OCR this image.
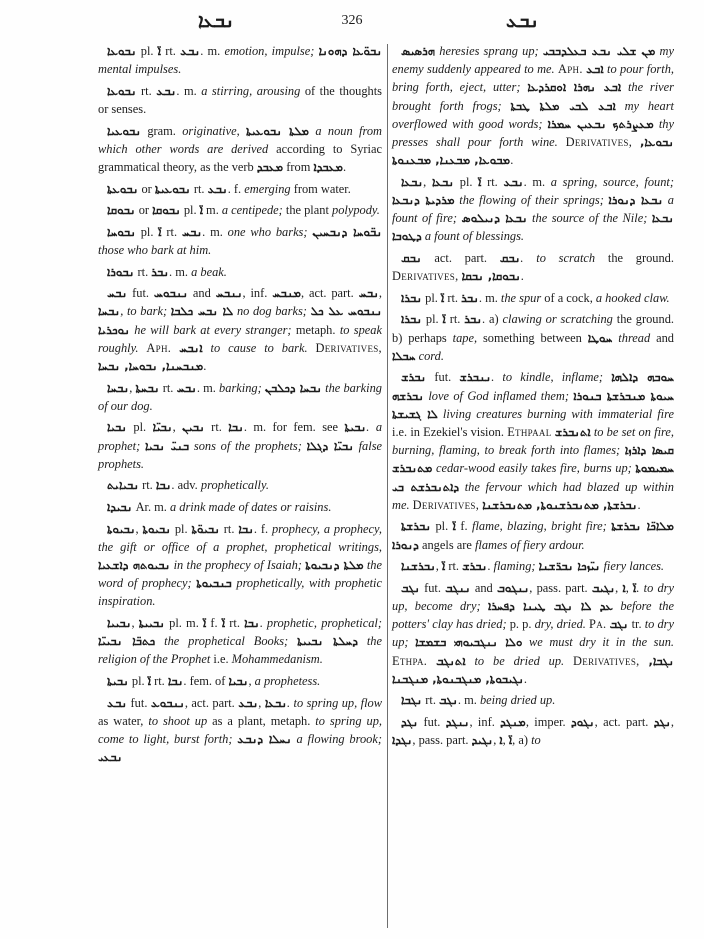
ܢܒܥܐ	326	ܢܒܥ

ܢܒܘܥܐ pl. ܐ̈ rt. ܢܒܥ. m. emotion, impulse; ܢܒܘ̈ܥܐ ܕܗܘܢܐ mental impulses.

ܢܒܘܥܐ rt. ܢܒܥ. m. a stirring, arousing of the thoughts or senses.

ܢܒܘܥܝܐ gram. originative, ܡܠܬܐ ܢܒܘܥܝܬܐ a noun from which other words are derived according to Syriac grammatical theory, as the verb ܡܥܒܕ from ܡܥܒܕܐ.

ܢܒܘܥܬܐ or ܢܒܘܥܝܬܐ rt. ܢܒܥ. f. emerging from water.

ܢܒܘܩܐ or ܢܒܘܩܐ pl. ܐ̈ m. a centipede; the plant polypody.

ܢܒܘܚܐ pl. ܐ̈ rt. ܢܒܚ. m. one who barks; ܢܒ̈ܘܚܐ ܕܢܒܚܝܢ those who bark at him.

ܢܒܘܪܐ rt. ܢܒܪ. m. a beak.

ܢܒܚ fut. ܢܢܒܘܚ and ܢܢܒܚ, inf. ܡܢܒܚ, act. part. ܢܒܚ, ܢܒܚܐ, to bark; ܠܐ ܢܒܚ ܟܠܒܐ no dog barks; ܢܢܒܘܚ ܥܠ ܟܠ ܢܘܟܪܝܐ he will bark at every stranger; metaph. to speak roughly. Aph. ܐܢܒܚ to cause to bark. Derivatives, ܡܢܒܚܢܐ, ܢܒܘܚܐ, ܢܒܚܐ.

ܢܒܚܐ, ܢܒܚܬܐ rt. ܢܒܚ. m. barking; ܢܒܚܐ ܕܟܠܒܢ the barking of our dog.

ܢܒܝܐ pl. ܢܒܝ̈ܐ, ܢܒܝܢ rt. ܢܒܐ. m. for fem. see ܢܒܝܬܐ. a prophet; ܒܢܝ̈ ܢܒܝܐ sons of the prophets; ܢܒܝ̈ܐ ܕܓܠܐ false prophets.

ܢܒܝܐܝܬ rt. ܢܒܐ. adv. prophetically.

ܢܒܝܕܐ Ar. m. a drink made of dates or raisins.

ܢܒܝܘܬܐ, ܢܒܝܘܬܐ pl. ܢܒܝܘ̈ܬܐ rt. ܢܒܐ. f. prophecy, a prophecy, the gift or office of a prophet, prophetical writings, ܢܒܝܘܬܗ ܕܐܫܥܝܐ in the prophecy of Isaiah; ܡܠܬܐ ܕܢܒܝܘܬܐ the word of prophecy; ܒܢܒܝܘܬܐ prophetically, with prophetic inspiration.

ܢܒܝܝܐ, ܢܒܝܝܬܐ pl. m. ܐ̈ f. ܐ̈ rt. ܢܒܐ. prophetic, prophetical; ܟܬܒ̈ܐ ܢܒܝܝ̈ܐ the prophetical Books; ܕܚܠܬܐ ܢܒܝܝܬܐ the religion of the Prophet i.e. Mohammedanism.

ܢܒܝܬܐ pl. ܐ̈ rt. ܢܒܐ. fem. of ܢܒܝܐ, a prophetess.

ܢܒܥ fut. ܢܢܒܘܥ, act. part. ܢܒܥ, ܢܒܥܐ. to spring up, flow as water, to shoot up as a plant, metaph. to spring up, come to light, burst forth; ܢܚܠܐ ܕܢܒܥ a flowing brook; ܢܒܥܝ

ܗܪܣܝܣ heresies sprang up; ܡܢ ܫܠܝ ܢܒܥ ܒܥܠܕܒܒܝ my enemy suddenly appeared to me. Aph. ܐܒܥ to pour forth, bring forth, eject, utter; ܐܒܥ ܢܗܪܐ ܐܘܩܪܕܥܐ the river brought forth frogs; ܐܒܥ ܠܒܝ ܡܠܬܐ ܛܒܬܐ my heart overflowed with good words; ܡܥܨܪܬܟ ܢܒܥܝܢ ܚܡܪܐ thy presses shall pour forth wine. Derivatives, ܢܒܘܥܐ, ܡܒܘܥܐ, ܡܒܥܢܐ, ܡܒܥܢܘܬܐ.

ܢܒܥܐ, ܢܒܥܐ pl. ܐ̈ rt. ܢܒܥ. m. a spring, source, fount; ܡܪܕܝܬܐ ܕܢܒܥܐ the flowing of their springs; ܢܒܥܐ ܕܢܘܪܐ a fount of fire; ܢܒܥܐ ܕܢܝܠܘܣ the source of the Nile; ܢܒܥܐ ܕܛܘܒܐ a fount of blessings.

ܢܒܩ act. part. ܢܒܩ. to scratch the ground. Derivatives, ܢܒܘܩܐ, ܢܒܩܐ.

ܢܒܪܐ pl. ܐ̈ rt. ܢܒܪ. m. the spur of a cock, a hooked claw.

ܢܒܪܐ pl. ܐ̈ rt. ܢܒܪ. a) clawing or scratching the ground. b) perhaps tape, something between ܚܘܛܐ thread and ܚܒܠܐ cord.

ܢܒܪܫ fut. ܢܢܒܪܫ. to kindle, inflame; ܚܘܒܗ ܕܐܠܗܐ ܢܒܪܫܗ love of God inflamed them; ܚܝܘܬܐ ܡܢܒܪܫܬܐ ܒܢܘܪܐ ܠܐ ܓܫܝܫܬܐ living creatures burning with immaterial fire i.e. in Ezekiel's vision. Ethpaal ܐܬܢܒܪܫ to be set on fire, burning, flaming, to break forth into flames; ܩܝܣܐ ܕܐܪܙܐ ܡܬܢܒܪܫ cedar-wood easily takes fire, burns up; ܚܡܝܡܘܬܐ ܕܐܬܢܒܪܫܬ ܒܝ the fervour which had blazed up within me. Derivatives, ܢܒܪܫܬܐ, ܡܬܢܒܪܫܢܘܬܐ, ܡܬܢܒܪܫܢܐ.

ܢܒܪܫܬܐ pl. ܐ̈ f. flame, blazing, bright fire; ܡܠܐܟ̈ܐ ܢܒܪܫܬܐ ܕܢܘܪܐ angels are flames of fiery ardour.

ܢܒܪܫܢܐ, ܐ̈ rt. ܢܒܪܫ. flaming; ܢܝ̈ܙܟܐ ܢܒܪ̈ܫܢܐ fiery lances.

ܢܓܒ fut. ܢܢܓܒ and ܢܢܓܘܒ, pass. part. ܢܓܝܒ, ܐ, ܐ̈. to dry up, become dry; ܥܕ ܠܐ ܢܓܒ ܛܝܢܐ ܕܦܚܪܐ before the potters' clay has dried; p. p. dry, dried. Pa. ܢܓܒ tr. to dry up; ܘܠܐ ܢܢܓܒܝܘܗܝ ܒܫܡܫܐ we must dry it in the sun. Ethpa. ܐܬܢܓܒ to be dried up. Derivatives, ܢܓܒܐ, ܢܓܝܒܘܬܐ, ܡܢܓܒܢܘܬܐ, ܡܢܓܒܢܐ.

ܢܓܒܐ rt. ܢܓܒ. m. being dried up.

ܢܓܕ fut. ܢܢܓܕ, inf. ܡܢܓܕ, imper. ܢܓܘܕ, act. part. ܢܓܕ, ܢܓܕܐ, pass. part. ܢܓܝܕ, ܐ, ܐ̈, a) to
